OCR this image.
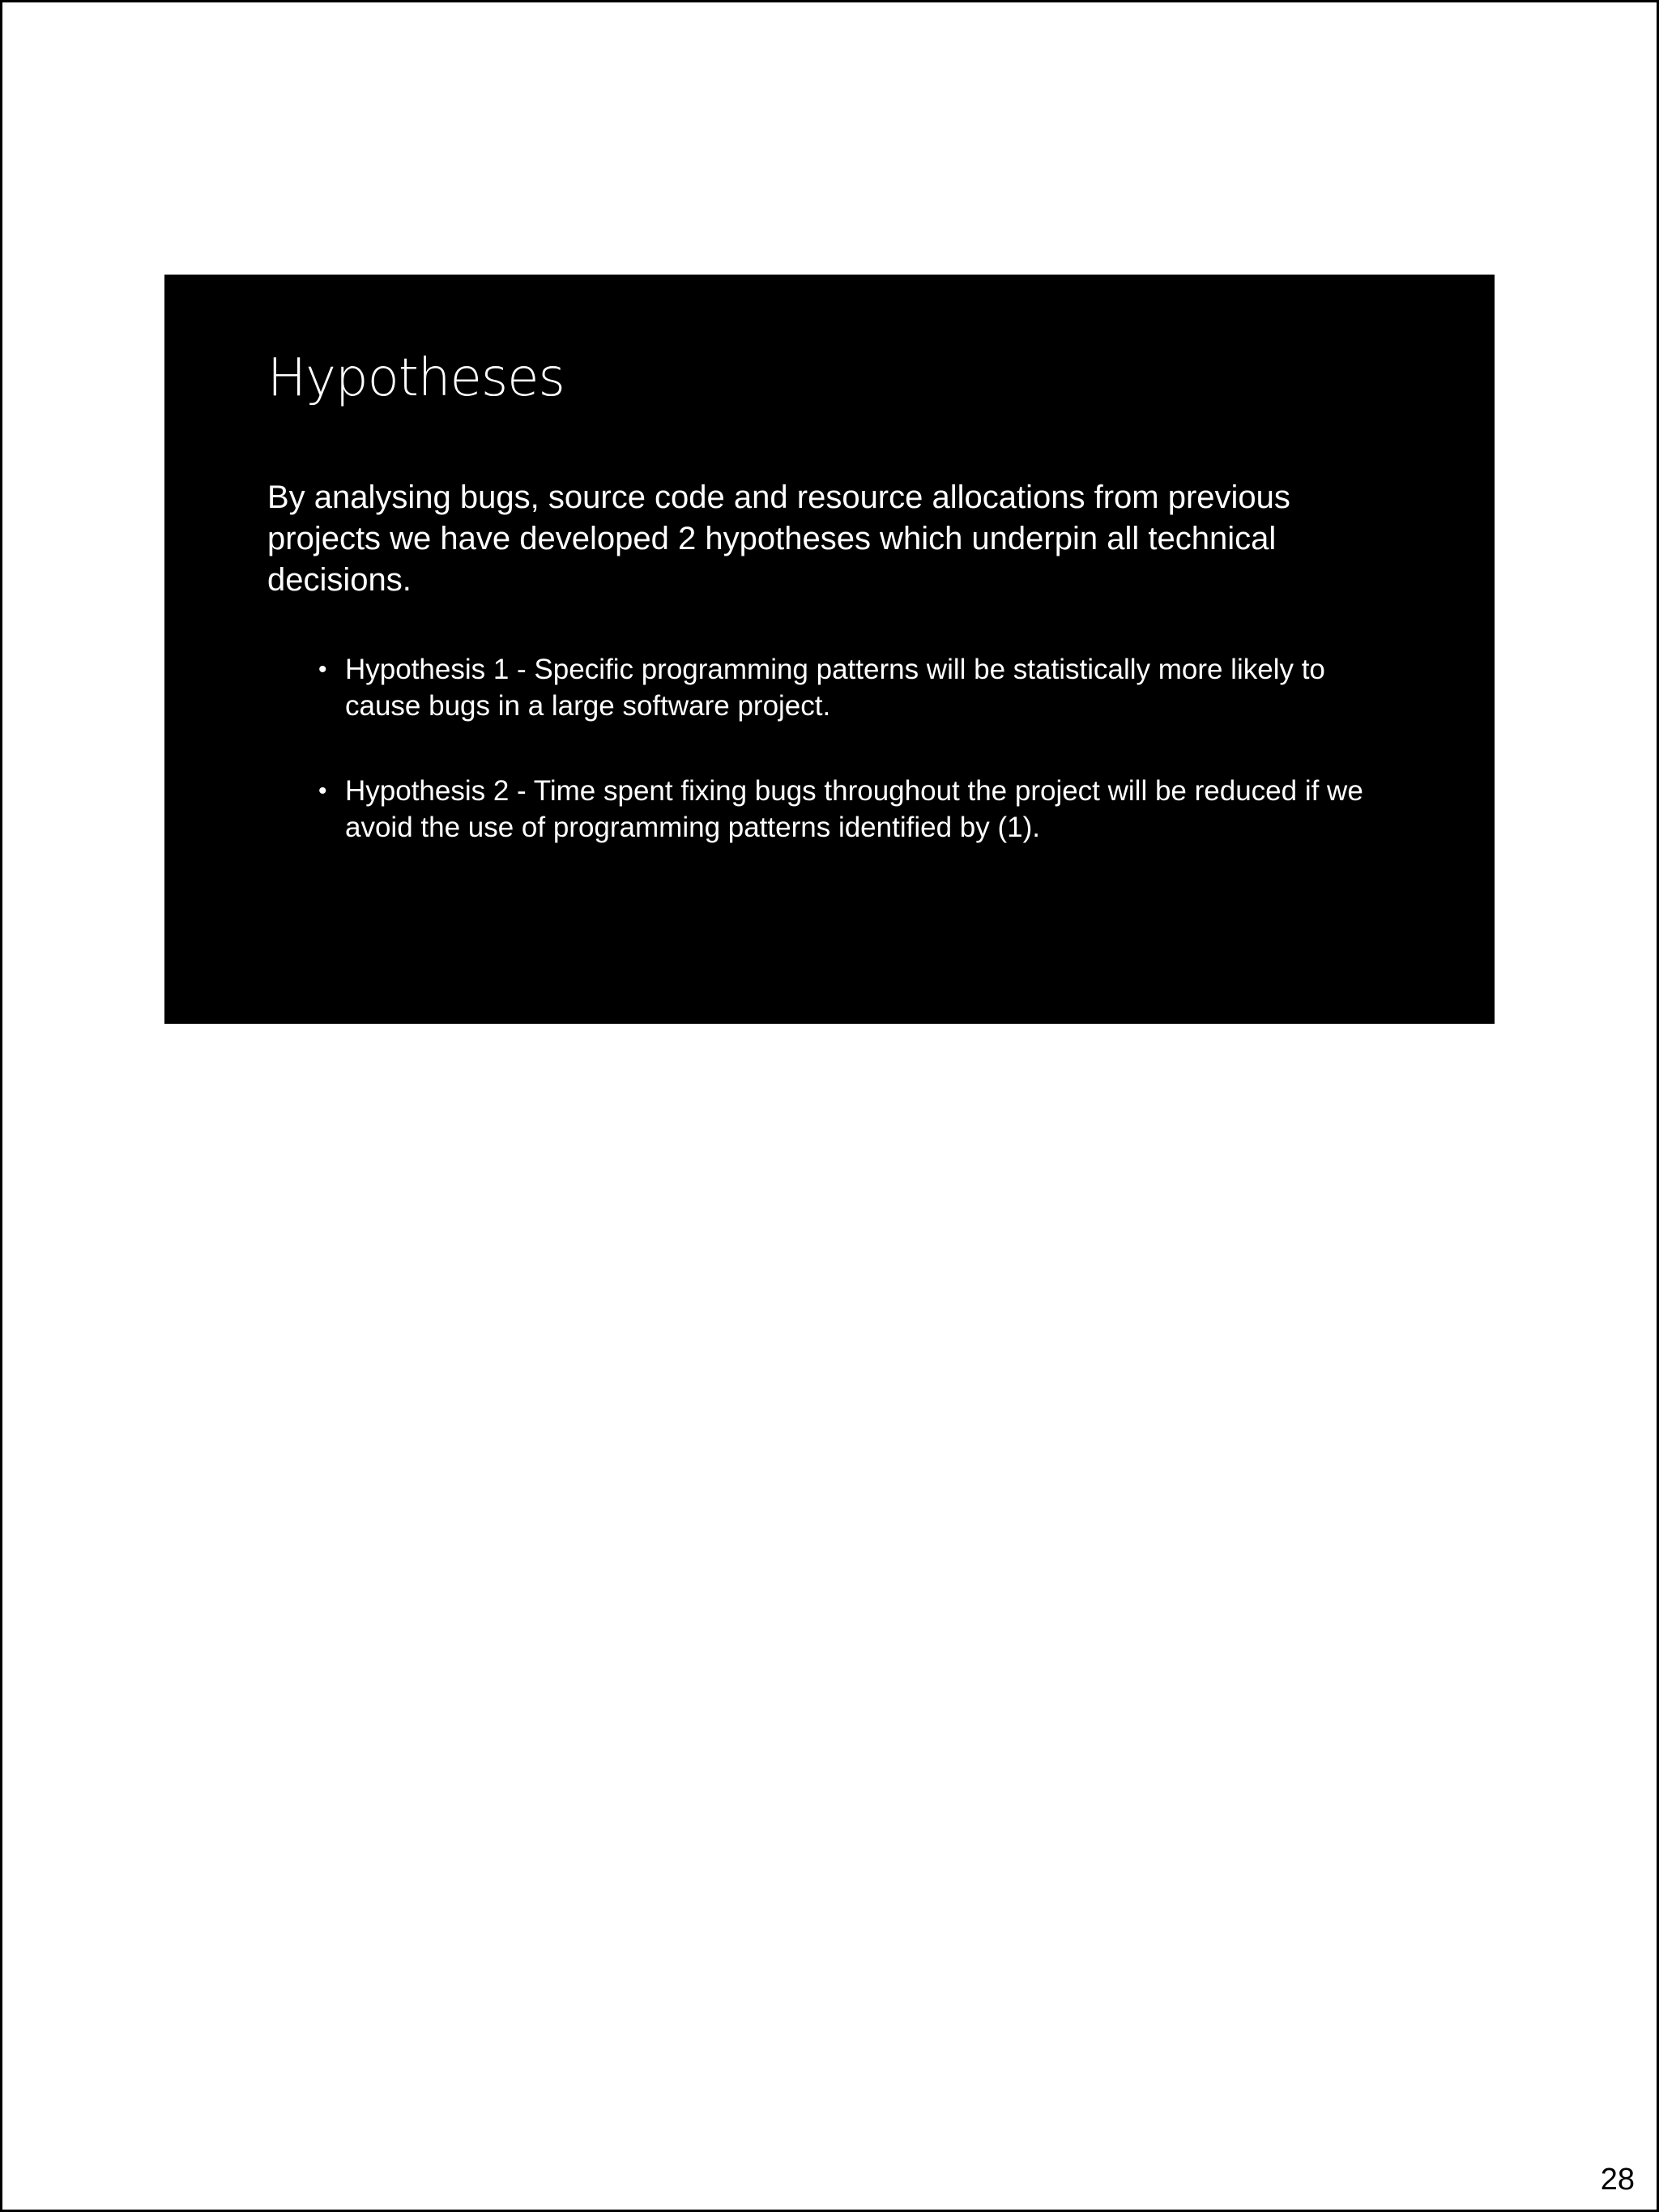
Hypotheses

By analysing bugs, source code and resource allocations from previous projects we have developed 2 hypotheses which underpin all technical decisions.

• Hypothesis 1 - Specific programming patterns will be statistically more likely to cause bugs in a large software project.
• Hypothesis 2 - Time spent fixing bugs throughout the project will be reduced if we avoid the use of programming patterns identified by (1).
28
